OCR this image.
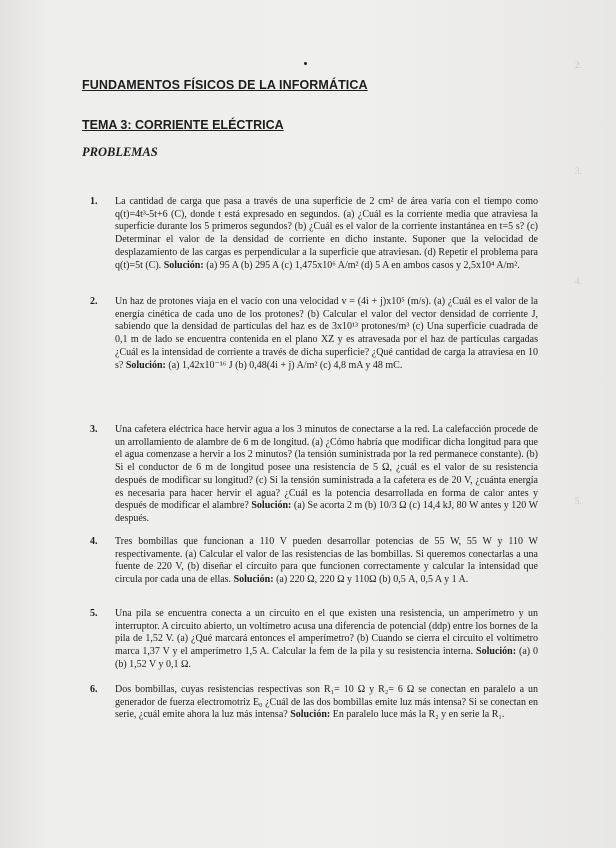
2.
3.
4.
5.
FUNDAMENTOS FÍSICOS DE LA INFORMÁTICA
TEMA 3: CORRIENTE ELÉCTRICA
PROBLEMAS
1. La cantidad de carga que pasa a través de una superficie de 2 cm² de área varía con el tiempo como q(t)=4t³-5t+6 (C), donde t está expresado en segundos. (a) ¿Cuál es la corriente media que atraviesa la superficie durante los 5 primeros segundos? (b) ¿Cuál es el valor de la corriente instantánea en t=5 s? (c) Determinar el valor de la densidad de corriente en dicho instante. Suponer que la velocidad de desplazamiento de las cargas es perpendicular a la superficie que atraviesan. (d) Repetir el problema para q(t)=5t (C). Solución: (a) 95 A (b) 295 A (c) 1,475x10⁶ A/m² (d) 5 A en ambos casos y 2,5x10⁴ A/m².
2. Un haz de protones viaja en el vacío con una velocidad v = (4i + j)x10⁵ (m/s). (a) ¿Cuál es el valor de la energía cinética de cada uno de los protones? (b) Calcular el valor del vector densidad de corriente J, sabiendo que la densidad de partículas del haz es de 3x10¹³ protones/m³ (c) Una superficie cuadrada de 0,1 m de lado se encuentra contenida en el plano XZ y es atravesada por el haz de partículas cargadas ¿Cuál es la intensidad de corriente a través de dicha superficie? ¿Qué cantidad de carga la atraviesa en 10 s? Solución: (a) 1,42x10⁻¹⁶ J (b) 0,48(4i + j) A/m² (c) 4,8 mA y 48 mC.
3. Una cafetera eléctrica hace hervir agua a los 3 minutos de conectarse a la red. La calefacción procede de un arrollamiento de alambre de 6 m de longitud. (a) ¿Cómo habría que modificar dicha longitud para que el agua comenzase a hervir a los 2 minutos? (la tensión suministrada por la red permanece constante). (b) Si el conductor de 6 m de longitud posee una resistencia de 5 Ω, ¿cuál es el valor de su resistencia después de modificar su longitud? (c) Si la tensión suministrada a la cafetera es de 20 V, ¿cuánta energía es necesaria para hacer hervir el agua? ¿Cuál es la potencia desarrollada en forma de calor antes y después de modificar el alambre? Solución: (a) Se acorta 2 m (b) 10/3 Ω (c) 14,4 kJ, 80 W antes y 120 W después.
4. Tres bombillas que funcionan a 110 V pueden desarrollar potencias de 55 W, 55 W y 110 W respectivamente. (a) Calcular el valor de las resistencias de las bombillas. Si queremos conectarlas a una fuente de 220 V, (b) diseñar el circuito para que funcionen correctamente y calcular la intensidad que circula por cada una de ellas. Solución: (a) 220 Ω, 220 Ω y 110Ω (b) 0,5 A, 0,5 A y 1 A.
5. Una pila se encuentra conecta a un circuito en el que existen una resistencia, un amperímetro y un interruptor. A circuito abierto, un voltímetro acusa una diferencia de potencial (ddp) entre los bornes de la pila de 1,52 V. (a) ¿Qué marcará entonces el amperímetro? (b) Cuando se cierra el circuito el voltímetro marca 1,37 V y el amperímetro 1,5 A. Calcular la fem de la pila y su resistencia interna. Solución: (a) 0 (b) 1,52 V y 0,1 Ω.
6. Dos bombillas, cuyas resistencias respectivas son R₁= 10 Ω y R₂= 6 Ω se conectan en paralelo a un generador de fuerza electromotriz E₀ ¿Cuál de las dos bombillas emite luz más intensa? Si se conectan en serie, ¿cuál emite ahora la luz más intensa? Solución: En paralelo luce más la R₂ y en serie la R₁.
